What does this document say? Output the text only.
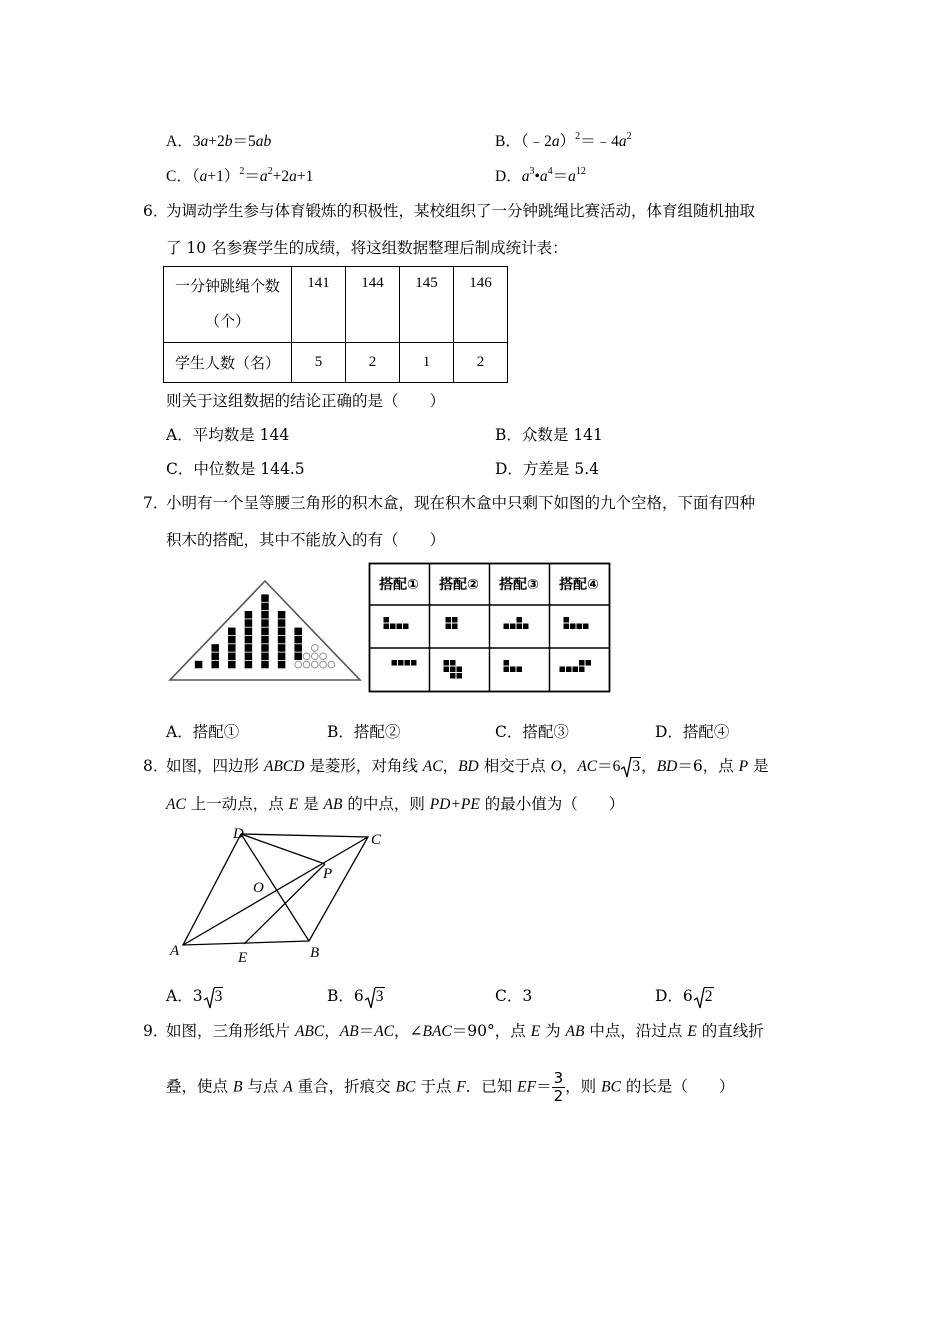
A．3a+2b＝5ab	B．$(﹣2a)^2=﹣4a^2$
C．$(a+1)^2=a^2+2a+1$	D．$a^3•a^4=a^{12}$
6．
为调动学生参与体育锻炼的积极性，某校组织了一分钟跳绳比赛活动，体育组随机抽取
了 10 名参赛学生的成绩，将这组数据整理后制成统计表：
一分钟跳绳个数
（个）	141	144	145	146
学生人数（名）	5	2	1	2
则关于这组数据的结论正确的是（　　）
A．平均数是 144	B．众数是 141
C．中位数是 144.5	D．方差是 5.4
7．
小明有一个呈等腰三角形的积木盒，现在积木盒中只剩下如图的九个空格，下面有四种
积木的搭配，其中不能放入的有（　　）
搭配① 搭配② 搭配③ 搭配④
A．搭配①	B．搭配②	C．搭配③	D．搭配④
8．
如图，四边形 ABCD 是菱形，对角线 AC，BD 相交于点 O，AC＝6 3，BD＝6，点 P 是
AC 上一动点，点 E 是 AB 的中点，则 PD+PE 的最小值为（　　）
A	B
C
D
O
P
E
A．3 3	B．6 3	C．3	D．6 2
9．
如图，三角形纸片 ABC，AB＝AC，∠BAC＝90°，点 E 为 AB 中点，沿过点 E 的直线折
叠，使点 B 与点 A 重合，折痕交 BC 于点 F．已知 $EF= \frac{3}{2}$ ，则 BC 的长是（　　）
